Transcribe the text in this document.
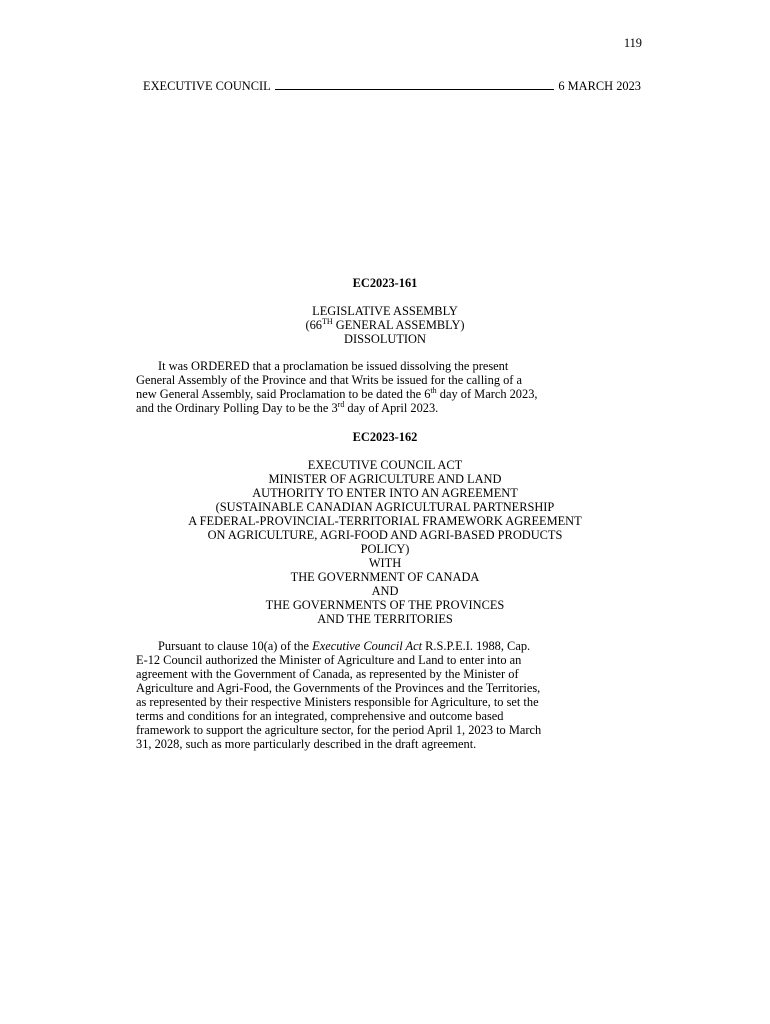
119
EXECUTIVE COUNCIL	6 MARCH 2023
EC2023-161
LEGISLATIVE ASSEMBLY
(66TH GENERAL ASSEMBLY)
DISSOLUTION
It was ORDERED that a proclamation be issued dissolving the present
General Assembly of the Province and that Writs be issued for the calling of a
new General Assembly, said Proclamation to be dated the 6th day of March 2023,
and the Ordinary Polling Day to be the 3rd day of April 2023.
EC2023-162
EXECUTIVE COUNCIL ACT
MINISTER OF AGRICULTURE AND LAND
AUTHORITY TO ENTER INTO AN AGREEMENT
(SUSTAINABLE CANADIAN AGRICULTURAL PARTNERSHIP
A FEDERAL-PROVINCIAL-TERRITORIAL FRAMEWORK AGREEMENT
ON AGRICULTURE, AGRI-FOOD AND AGRI-BASED PRODUCTS
POLICY)
WITH
THE GOVERNMENT OF CANADA
AND
THE GOVERNMENTS OF THE PROVINCES
AND THE TERRITORIES
Pursuant to clause 10(a) of the Executive Council Act R.S.P.E.I. 1988, Cap.
E-12 Council authorized the Minister of Agriculture and Land to enter into an
agreement with the Government of Canada, as represented by the Minister of
Agriculture and Agri-Food, the Governments of the Provinces and the Territories,
as represented by their respective Ministers responsible for Agriculture, to set the
terms and conditions for an integrated, comprehensive and outcome based
framework to support the agriculture sector, for the period April 1, 2023 to March
31, 2028, such as more particularly described in the draft agreement.
